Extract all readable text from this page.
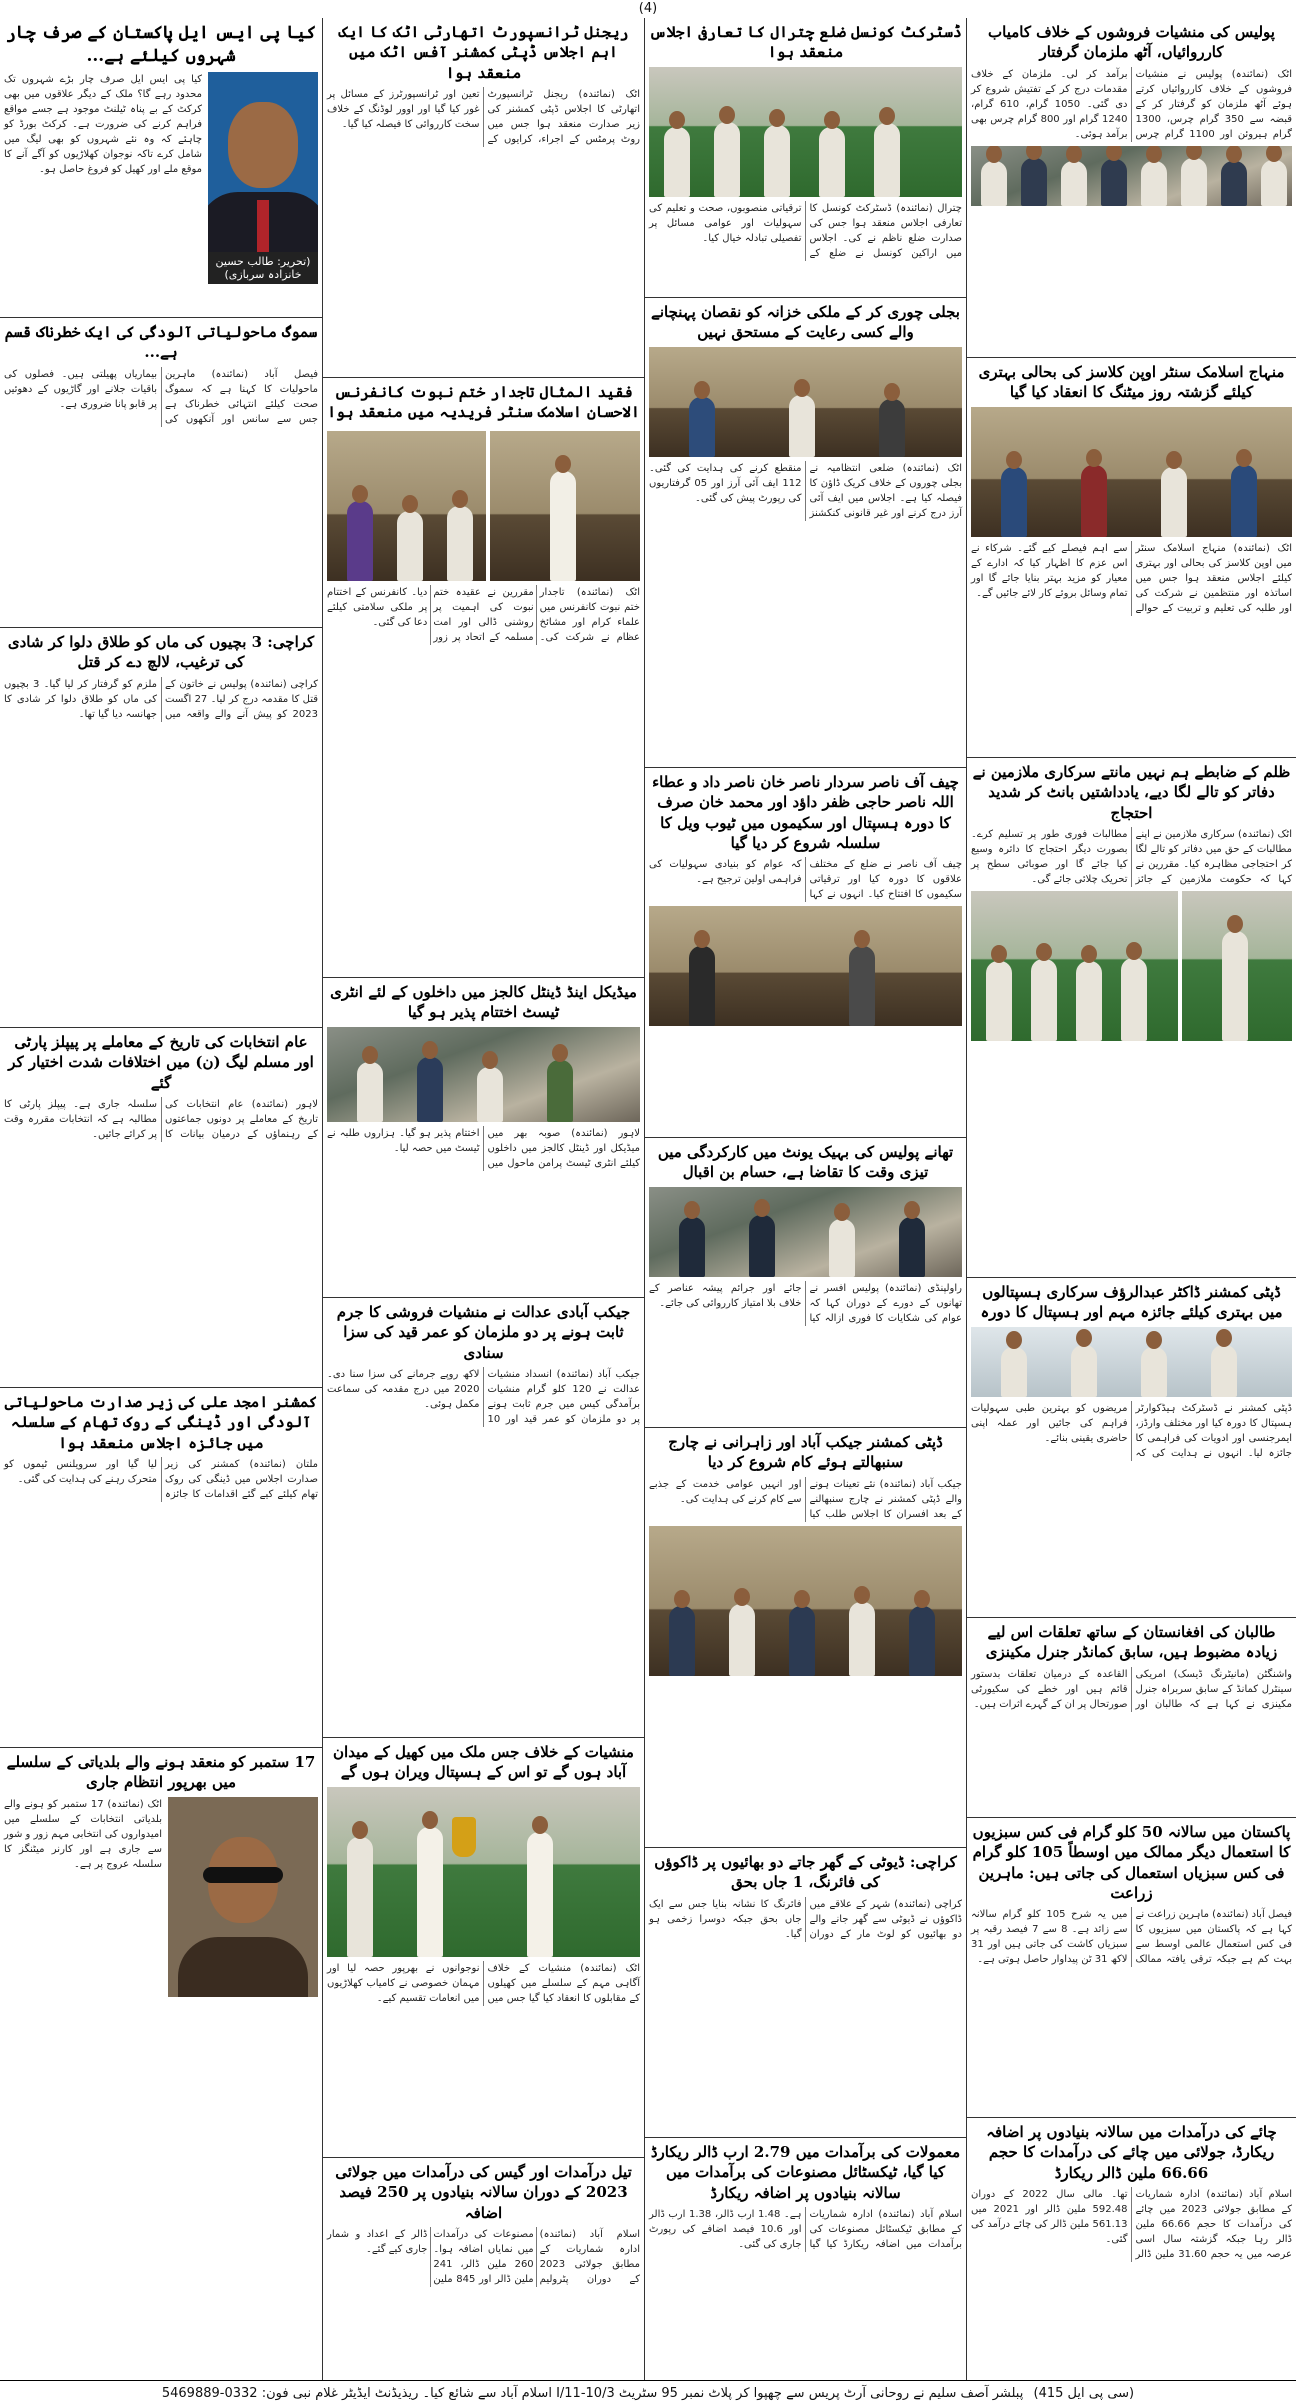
(4)
کیا پی ایس ایل پاکستان کے صرف چار شہروں کیلئے ہے...
(تحریر: طالب حسین خانزادہ سربازی)

کیا پی ایس ایل صرف چار بڑے شہروں تک محدود رہے گا؟ ملک کے دیگر علاقوں میں بھی کرکٹ کے بے پناہ ٹیلنٹ موجود ہے جسے مواقع فراہم کرنے کی ضرورت ہے۔ کرکٹ بورڈ کو چاہئے کہ وہ نئے شہروں کو بھی لیگ میں شامل کرے تاکہ نوجوان کھلاڑیوں کو آگے آنے کا موقع ملے اور کھیل کو فروغ حاصل ہو۔

سموگ ماحولیاتی آلودگی کی ایک خطرناک قسم ہے...

فیصل آباد (نمائندہ) ماہرین ماحولیات کا کہنا ہے کہ سموگ صحت کیلئے انتہائی خطرناک ہے جس سے سانس اور آنکھوں کی بیماریاں پھیلتی ہیں۔ فصلوں کی باقیات جلانے اور گاڑیوں کے دھوئیں پر قابو پانا ضروری ہے۔

کراچی: 3 بچیوں کی ماں کو طلاق دلوا کر شادی کی ترغیب، لالچ دے کر قتل

کراچی (نمائندہ) پولیس نے خاتون کے قتل کا مقدمہ درج کر لیا۔ 27 اگست 2023 کو پیش آنے والے واقعہ میں ملزم کو گرفتار کر لیا گیا۔ 3 بچیوں کی ماں کو طلاق دلوا کر شادی کا جھانسہ دیا گیا تھا۔

عام انتخابات کی تاریخ کے معاملے پر پیپلز پارٹی اور مسلم لیگ (ن) میں اختلافات شدت اختیار کر گئے

لاہور (نمائندہ) عام انتخابات کی تاریخ کے معاملے پر دونوں جماعتوں کے رہنماؤں کے درمیان بیانات کا سلسلہ جاری ہے۔ پیپلز پارٹی کا مطالبہ ہے کہ انتخابات مقررہ وقت پر کرائے جائیں۔

کمشنر امجد علی کی زیر صدارت ماحولیاتی آلودگی اور ڈینگی کے روک تھام کے سلسلہ میں جائزہ اجلاس منعقد ہوا

ملتان (نمائندہ) کمشنر کی زیر صدارت اجلاس میں ڈینگی کی روک تھام کیلئے کیے گئے اقدامات کا جائزہ لیا گیا اور سرویلنس ٹیموں کو متحرک رہنے کی ہدایت کی گئی۔

17 ستمبر کو منعقد ہونے والے بلدیاتی کے سلسلے میں بھرپور انتظام جاری

اٹک (نمائندہ) 17 ستمبر کو ہونے والے بلدیاتی انتخابات کے سلسلے میں امیدواروں کی انتخابی مہم زور و شور سے جاری ہے اور کارنر میٹنگز کا سلسلہ عروج پر ہے۔

ریجنل ٹرانسپورٹ اتھارٹی اٹک کا ایک اہم اجلاس ڈپٹی کمشنر آفس اٹک میں منعقد ہوا

اٹک (نمائندہ) ریجنل ٹرانسپورٹ اتھارٹی کا اجلاس ڈپٹی کمشنر کی زیر صدارت منعقد ہوا جس میں روٹ پرمٹس کے اجراء، کرایوں کے تعین اور ٹرانسپورٹرز کے مسائل پر غور کیا گیا اور اوور لوڈنگ کے خلاف سخت کارروائی کا فیصلہ کیا گیا۔

فقید المثال تاجدار ختم نبوت کانفرنس الاحسان اسلامک سنٹر فریدیہ میں منعقد ہوا

اٹک (نمائندہ) تاجدار ختم نبوت کانفرنس میں علماء کرام اور مشائخ عظام نے شرکت کی۔ مقررین نے عقیدہ ختم نبوت کی اہمیت پر روشنی ڈالی اور امت مسلمہ کے اتحاد پر زور دیا۔ کانفرنس کے اختتام پر ملکی سلامتی کیلئے دعا کی گئی۔

میڈیکل اینڈ ڈینٹل کالجز میں داخلوں کے لئے انٹری ٹیسٹ اختتام پذیر ہو گیا

لاہور (نمائندہ) صوبہ بھر میں میڈیکل اور ڈینٹل کالجز میں داخلوں کیلئے انٹری ٹیسٹ پرامن ماحول میں اختتام پذیر ہو گیا۔ ہزاروں طلبہ نے ٹیسٹ میں حصہ لیا۔

جیکب آبادی عدالت نے منشیات فروشی کا جرم ثابت ہونے پر دو ملزمان کو عمر قید کی سزا سنادی

جیکب آباد (نمائندہ) انسداد منشیات عدالت نے 120 کلو گرام منشیات برآمدگی کیس میں جرم ثابت ہونے پر دو ملزمان کو عمر قید اور 10 لاکھ روپے جرمانے کی سزا سنا دی۔ 2020 میں درج مقدمہ کی سماعت مکمل ہوئی۔

منشیات کے خلاف جس ملک میں کھیل کے میدان آباد ہوں گے تو اس کے ہسپتال ویران ہوں گے

اٹک (نمائندہ) منشیات کے خلاف آگاہی مہم کے سلسلے میں کھیلوں کے مقابلوں کا انعقاد کیا گیا جس میں نوجوانوں نے بھرپور حصہ لیا اور مہمان خصوصی نے کامیاب کھلاڑیوں میں انعامات تقسیم کیے۔

تیل درآمدات اور گیس کی درآمدات میں جولائی 2023 کے دوران سالانہ بنیادوں پر 250 فیصد اضافہ

اسلام آباد (نمائندہ) ادارہ شماریات کے مطابق جولائی 2023 کے دوران پٹرولیم مصنوعات کی درآمدات میں نمایاں اضافہ ہوا۔ 260 ملین ڈالر، 241 ملین ڈالر اور 845 ملین ڈالر کے اعداد و شمار جاری کیے گئے۔

ڈسٹرکٹ کونسل ضلع چترال کا تعارفی اجلاس منعقد ہوا

چترال (نمائندہ) ڈسٹرکٹ کونسل کا تعارفی اجلاس منعقد ہوا جس کی صدارت ضلع ناظم نے کی۔ اجلاس میں اراکین کونسل نے ضلع کے ترقیاتی منصوبوں، صحت و تعلیم کی سہولیات اور عوامی مسائل پر تفصیلی تبادلہ خیال کیا۔

بجلی چوری کر کے ملکی خزانہ کو نقصان پہنچانے والے کسی رعایت کے مستحق نہیں

اٹک (نمائندہ) ضلعی انتظامیہ نے بجلی چوروں کے خلاف کریک ڈاؤن کا فیصلہ کیا ہے۔ اجلاس میں ایف آئی آرز درج کرنے اور غیر قانونی کنکشنز منقطع کرنے کی ہدایت کی گئی۔ 112 ایف آئی آرز اور 05 گرفتاریوں کی رپورٹ پیش کی گئی۔

چیف آف ناصر سردار ناصر خان ناصر داد و عطاء اللہ ناصر حاجی ظفر داؤد اور محمد خان صرف کا دورہ ہسپتال اور سکیموں میں ٹیوب ویل کا سلسلہ شروع کر دیا گیا

چیف آف ناصر نے ضلع کے مختلف علاقوں کا دورہ کیا اور ترقیاتی سکیموں کا افتتاح کیا۔ انہوں نے کہا کہ عوام کو بنیادی سہولیات کی فراہمی اولین ترجیح ہے۔

تھانے پولیس کی بہیک یونٹ میں کارکردگی میں تیزی وقت کا تقاضا ہے، حسام بن اقبال

راولپنڈی (نمائندہ) پولیس افسر نے تھانوں کے دورے کے دوران کہا کہ عوام کی شکایات کا فوری ازالہ کیا جائے اور جرائم پیشہ عناصر کے خلاف بلا امتیاز کارروائی کی جائے۔

ڈپٹی کمشنر جیکب آباد اور زاہرانی نے چارج سنبھالتے ہوئے کام شروع کر دیا

جیکب آباد (نمائندہ) نئے تعینات ہونے والے ڈپٹی کمشنر نے چارج سنبھالنے کے بعد افسران کا اجلاس طلب کیا اور انہیں عوامی خدمت کے جذبے سے کام کرنے کی ہدایت کی۔

کراچی: ڈیوٹی کے گھر جاتے دو بھائیوں پر ڈاکوؤں کی فائرنگ، 1 جاں بحق

کراچی (نمائندہ) شہر کے علاقے میں ڈاکوؤں نے ڈیوٹی سے گھر جانے والے دو بھائیوں کو لوٹ مار کے دوران فائرنگ کا نشانہ بنایا جس سے ایک جاں بحق جبکہ دوسرا زخمی ہو گیا۔

معمولات کی برآمدات میں 2.79 ارب ڈالر ریکارڈ کیا گیا، ٹیکسٹائل مصنوعات کی برآمدات میں سالانہ بنیادوں پر اضافہ ریکارڈ

اسلام آباد (نمائندہ) ادارہ شماریات کے مطابق ٹیکسٹائل مصنوعات کی برآمدات میں اضافہ ریکارڈ کیا گیا ہے۔ 1.48 ارب ڈالر، 1.38 ارب ڈالر اور 10.6 فیصد اضافے کی رپورٹ جاری کی گئی۔

پولیس کی منشیات فروشوں کے خلاف کامیاب کارروائیاں، آٹھ ملزمان گرفتار

اٹک (نمائندہ) پولیس نے منشیات فروشوں کے خلاف کارروائیاں کرتے ہوئے آٹھ ملزمان کو گرفتار کر کے قبضہ سے 350 گرام چرس، 1300 گرام ہیروئن اور 1100 گرام چرس برآمد کر لی۔ ملزمان کے خلاف مقدمات درج کر کے تفتیش شروع کر دی گئی۔ 1050 گرام، 610 گرام، 1240 گرام اور 800 گرام چرس بھی برآمد ہوئی۔

منہاج اسلامک سنٹر اوپن کلاسز کی بحالی بہتری کیلئے گزشتہ روز میٹنگ کا انعقاد کیا گیا

اٹک (نمائندہ) منہاج اسلامک سنٹر میں اوپن کلاسز کی بحالی اور بہتری کیلئے اجلاس منعقد ہوا جس میں اساتذہ اور منتظمین نے شرکت کی اور طلبہ کی تعلیم و تربیت کے حوالے سے اہم فیصلے کیے گئے۔ شرکاء نے اس عزم کا اظہار کیا کہ ادارے کے معیار کو مزید بہتر بنایا جائے گا اور تمام وسائل بروئے کار لائے جائیں گے۔

ظلم کے ضابطے ہم نہیں مانتے سرکاری ملازمین نے دفاتر کو تالے لگا دیے، یادداشتیں بانٹ کر شدید احتجاج

اٹک (نمائندہ) سرکاری ملازمین نے اپنے مطالبات کے حق میں دفاتر کو تالے لگا کر احتجاجی مظاہرہ کیا۔ مقررین نے کہا کہ حکومت ملازمین کے جائز مطالبات فوری طور پر تسلیم کرے۔ بصورت دیگر احتجاج کا دائرہ وسیع کیا جائے گا اور صوبائی سطح پر تحریک چلائی جائے گی۔

ڈپٹی کمشنر ڈاکٹر عبدالرؤف سرکاری ہسپتالوں میں بہتری کیلئے جائزہ مہم اور ہسپتال کا دورہ

ڈپٹی کمشنر نے ڈسٹرکٹ ہیڈکوارٹر ہسپتال کا دورہ کیا اور مختلف وارڈز، ایمرجنسی اور ادویات کی فراہمی کا جائزہ لیا۔ انہوں نے ہدایت کی کہ مریضوں کو بہترین طبی سہولیات فراہم کی جائیں اور عملہ اپنی حاضری یقینی بنائے۔

طالبان کی افغانستان کے ساتھ تعلقات اس لیے زیادہ مضبوط ہیں، سابق کمانڈر جنرل مکینزی

واشنگٹن (مانیٹرنگ ڈیسک) امریکی سینٹرل کمانڈ کے سابق سربراہ جنرل مکینزی نے کہا ہے کہ طالبان اور القاعدہ کے درمیان تعلقات بدستور قائم ہیں اور خطے کی سکیورٹی صورتحال پر ان کے گہرے اثرات ہیں۔

پاکستان میں سالانہ 50 کلو گرام فی کس سبزیوں کا استعمال دیگر ممالک میں اوسطاً 105 کلو گرام فی کس سبزیاں استعمال کی جاتی ہیں: ماہرین زراعت

فیصل آباد (نمائندہ) ماہرین زراعت نے کہا ہے کہ پاکستان میں سبزیوں کا فی کس استعمال عالمی اوسط سے بہت کم ہے جبکہ ترقی یافتہ ممالک میں یہ شرح 105 کلو گرام سالانہ سے زائد ہے۔ 8 سے 7 فیصد رقبہ پر سبزیاں کاشت کی جاتی ہیں اور 31 لاکھ 31 ٹن پیداوار حاصل ہوتی ہے۔

چائے کی درآمدات میں سالانہ بنیادوں پر اضافہ ریکارڈ، جولائی میں چائے کی درآمدات کا حجم 66.66 ملین ڈالر ریکارڈ

اسلام آباد (نمائندہ) ادارہ شماریات کے مطابق جولائی 2023 میں چائے کی درآمدات کا حجم 66.66 ملین ڈالر رہا جبکہ گزشتہ سال اسی عرصہ میں یہ حجم 31.60 ملین ڈالر تھا۔ مالی سال 2022 کے دوران 592.48 ملین ڈالر اور 2021 میں 561.13 ملین ڈالر کی چائے درآمد کی گئی۔

(سی پی ایل 415) پبلشر آصف سلیم نے روحانی آرٹ پریس سے چھپوا کر پلاٹ نمبر 95 سٹریٹ 10/3-I/11 اسلام آباد سے شائع کیا۔ ریذیڈنٹ ایڈیٹر غلام نبی فون: 0332-5469889
